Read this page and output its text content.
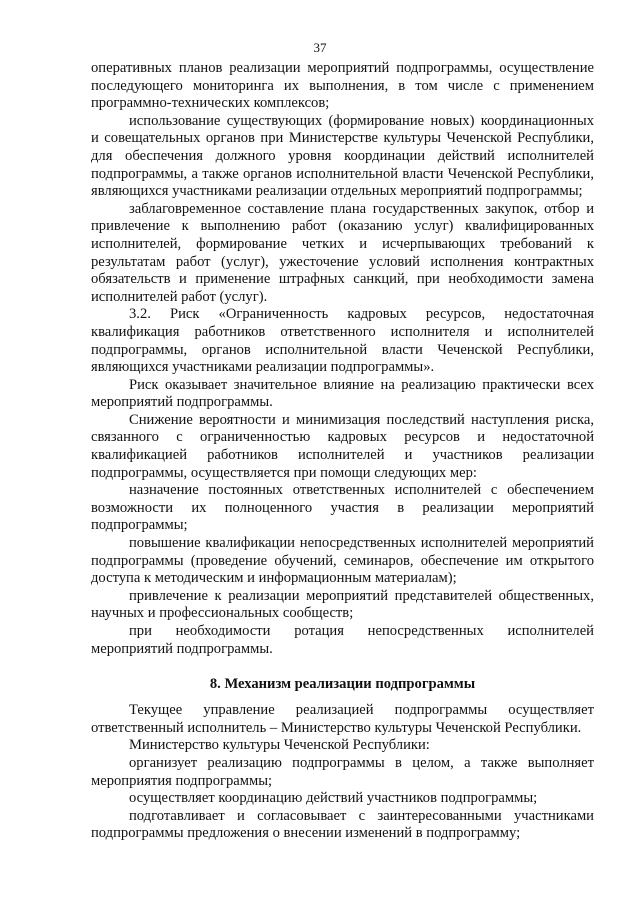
37

оперативных планов реализации мероприятий подпрограммы, осуществление последующего мониторинга их выполнения, в том числе с применением программно-технических комплексов;

использование существующих (формирование новых) координационных и совещательных органов при Министерстве культуры Чеченской Республики, для обеспечения должного уровня координации действий исполнителей подпрограммы, а также органов исполнительной власти Чеченской Республики, являющихся участниками реализации отдельных мероприятий подпрограммы;

заблаговременное составление плана государственных закупок, отбор и привлечение к выполнению работ (оказанию услуг) квалифицированных исполнителей, формирование четких и исчерпывающих требований к результатам работ (услуг), ужесточение условий исполнения контрактных обязательств и применение штрафных санкций, при необходимости замена исполнителей работ (услуг).

3.2. Риск «Ограниченность кадровых ресурсов, недостаточная квалификация работников ответственного исполнителя и исполнителей подпрограммы, органов исполнительной власти Чеченской Республики, являющихся участниками реализации подпрограммы».

Риск оказывает значительное влияние на реализацию практически всех мероприятий подпрограммы.

Снижение вероятности и минимизация последствий наступления риска, связанного с ограниченностью кадровых ресурсов и недостаточной квалификацией работников исполнителей и участников реализации подпрограммы, осуществляется при помощи следующих мер:

назначение постоянных ответственных исполнителей с обеспечением возможности их полноценного участия в реализации мероприятий подпрограммы;

повышение квалификации непосредственных исполнителей мероприятий подпрограммы (проведение обучений, семинаров, обеспечение им открытого доступа к методическим и информационным материалам);

привлечение к реализации мероприятий представителей общественных, научных и профессиональных сообществ;

при необходимости ротация непосредственных исполнителей мероприятий подпрограммы.

8. Механизм реализации подпрограммы

Текущее управление реализацией подпрограммы осуществляет ответственный исполнитель – Министерство культуры Чеченской Республики.

Министерство культуры Чеченской Республики:

организует реализацию подпрограммы в целом, а также выполняет мероприятия подпрограммы;

осуществляет координацию действий участников подпрограммы;

подготавливает и согласовывает с заинтересованными участниками подпрограммы предложения о внесении изменений в подпрограмму;
